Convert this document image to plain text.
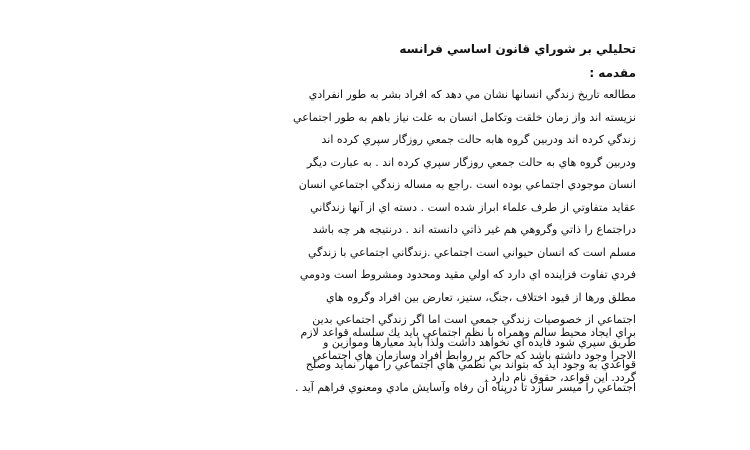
تحليلي بر شوراي قانون اساسي فرانسه
مقدمه :
مطالعه تاريخ زندگي انسانها نشان مي دهد كه افراد بشر به طور انفرادي
نزيسته اند واز زمان خلقت وتكامل انسان به علت نياز باهم به طور اجتماعي
زندگي كرده اند ودربين گروه هابه حالت جمعي روزگار سپري كرده اند
ودربين گروه هاي به حالت جمعي روزگار سپري كرده اند . به عبارت ديگر
انسان موجودي اجتماعي بوده است .راجع به مساله زندگي اجتماعي انسان
عقايد متفاوتي از طرف علماء ابراز شده است . دسته اي از آنها زندگاني
دراجتماع را ذاتي وگروهي هم غير ذاتي دانسته اند . درنتيجه هر چه باشد
مسلم است كه انسان حيواني است اجتماعي .زندگاني اجتماعي با زندگي
فردي تفاوت فزاينده اي دارد كه اولي مقيد ومحدود ومشروط است ودومي
مطلق ورها از قيود اختلاف ،جنگ، ستيز، تعارض بين افراد وگروه هاي
اجتماعي از خصوصيات زندگي جمعي است اما اگر زندگي اجتماعي بدين
طريق سپري شود فايده اي نخواهد داشت ولذا بايد معيارها وموازين و
قواعدي به وجود آيد كه بتواند بي نظمي هاي اجتماعي را مهار نمايد وصلح
اجتماعي را ميسر سازد تا درپناه آن رفاه وآسايش مادي ومعنوي فراهم آيد .
براي ايجاد محيط سالم وهمراه با نظم اجتماعي بايد يك سلسله قواعد لازم
الاجرا وجود داشته باشد كه حاكم بر روابط افراد وسازمان هاي اجتماعي
گردد. اين قواعد، حقوق نام دارد .
